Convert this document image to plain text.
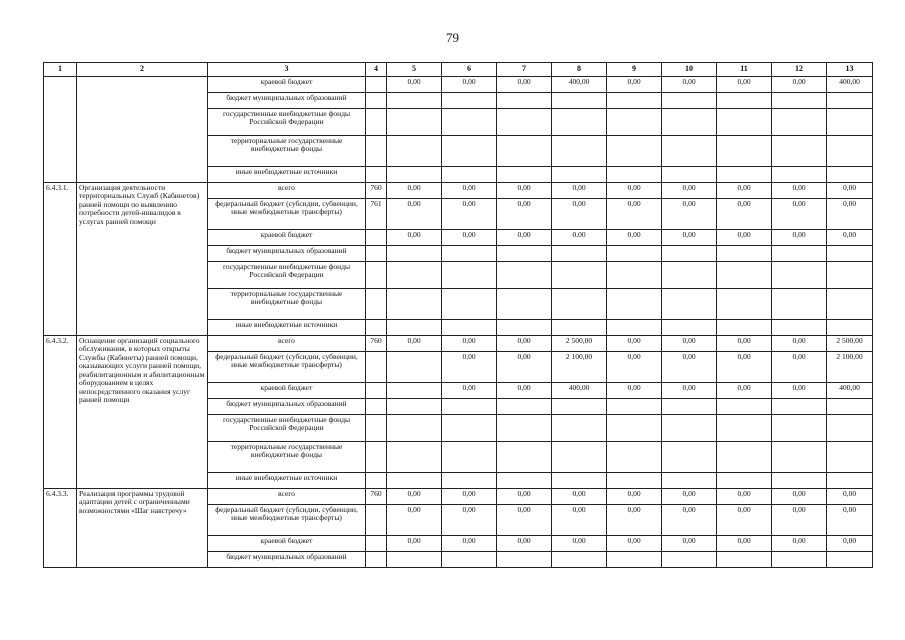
79
1	2	3	4	5	6	7	8	9	10	11	12	13
		краевой бюджет		0,00	0,00	0,00	400,00	0,00	0,00	0,00	0,00	400,00
		бюджет муниципальных образований										
		государственные внебюджетные фонды Российской Федерации										
		территориальные государственные внебюджетные фонды										
		иные внебюджетные источники										
6.4.3.1.	Организация деятельности территориальных Служб (Кабинетов) ранней помощи по выявлению потребности детей-инвалидов в услугах ранней помощи	всего	760	0,00	0,00	0,00	0,00	0,00	0,00	0,00	0,00	0,00
		федеральный бюджет (субсидии, субвенции, иные межбюджетные трансферты)	761	0,00	0,00	0,00	0,00	0,00	0,00	0,00	0,00	0,00
		краевой бюджет		0,00	0,00	0,00	0,00	0,00	0,00	0,00	0,00	0,00
		бюджет муниципальных образований										
		государственные внебюджетные фонды Российской Федерации										
		территориальные государственные внебюджетные фонды										
		иные внебюджетные источники										
6.4.3.2.	Оснащение организаций социального обслуживания, в которых открыты Службы (Кабинеты) ранней помощи, оказывающих услуги ранней помощи, реабилитационным и абилитационным оборудованием в целях непосредственного оказания услуг ранней помощи	всего	760	0,00	0,00	0,00	2 500,00	0,00	0,00	0,00	0,00	2 500,00
		федеральный бюджет (субсидии, субвенции, иные межбюджетные трансферты)			0,00	0,00	2 100,00	0,00	0,00	0,00	0,00	2 100,00
		краевой бюджет			0,00	0,00	400,00	0,00	0,00	0,00	0,00	400,00
		бюджет муниципальных образований										
		государственные внебюджетные фонды Российской Федерации										
		территориальные государственные внебюджетные фонды										
		иные внебюджетные источники										
6.4.3.3.	Реализация программы трудовой адаптации детей с ограниченными возможностями «Шаг навстречу»	всего	760	0,00	0,00	0,00	0,00	0,00	0,00	0,00	0,00	0,00
		федеральный бюджет (субсидии, субвенции, иные межбюджетные трансферты)		0,00	0,00	0,00	0,00	0,00	0,00	0,00	0,00	0,00
		краевой бюджет		0,00	0,00	0,00	0,00	0,00	0,00	0,00	0,00	0,00
		бюджет муниципальных образований										
